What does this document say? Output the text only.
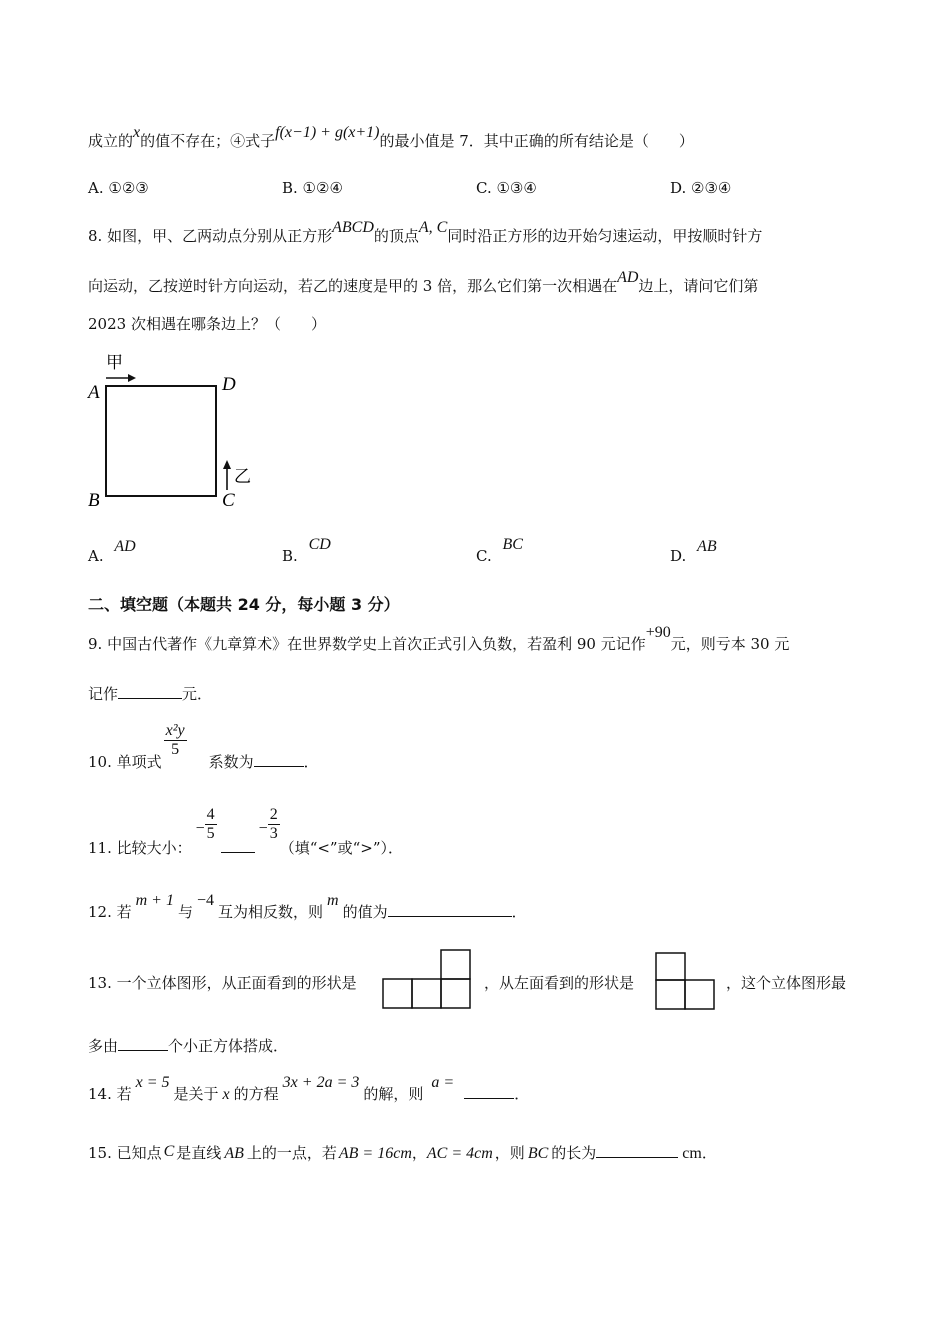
成立的x的值不存在；④式子f(x−1) + g(x+1)的最小值是 7．其中正确的所有结论是（　　）
A. ①②③	B. ①②④	C. ①③④	D. ②③④
8. 如图，甲、乙两动点分别从正方形ABCD的顶点A, C同时沿正方形的边开始匀速运动，甲按顺时针方
向运动，乙按逆时针方向运动，若乙的速度是甲的 3 倍，那么它们第一次相遇在AD边上，请问它们第
2023 次相遇在哪条边上？（　　）
甲
乙
A	D
B	C
A. AD
B. CD
C. BC
D. AB
二、填空题（本题共 24 分，每小题 3 分）
9. 中国古代著作《九章算术》在世界数学史上首次正式引入负数，若盈利 90 元记作+90元，则亏本 30 元
记作	元．
10. 单项式
$\frac{\text{x²y}}{5}$
系数为	．
11. 比较大小：− $\frac{4}{5}$	− $\frac{2}{3}$
（填“<”或“>”）．
12. 若m + 1与−4互为相反数，则m的值为	．
13. 一个立体图形，从正面看到的形状是	，从左面看到的形状是	，这个立体图形最
多由	个小正方体搭成．
14. 若x = 5是关于 x 的方程3x + 2a = 3的解，则a =．
15. 已知点 C 是直线 AB 上的一点，若 AB = 16cm，AC = 4cm ，则 BC 的长为	cm．
